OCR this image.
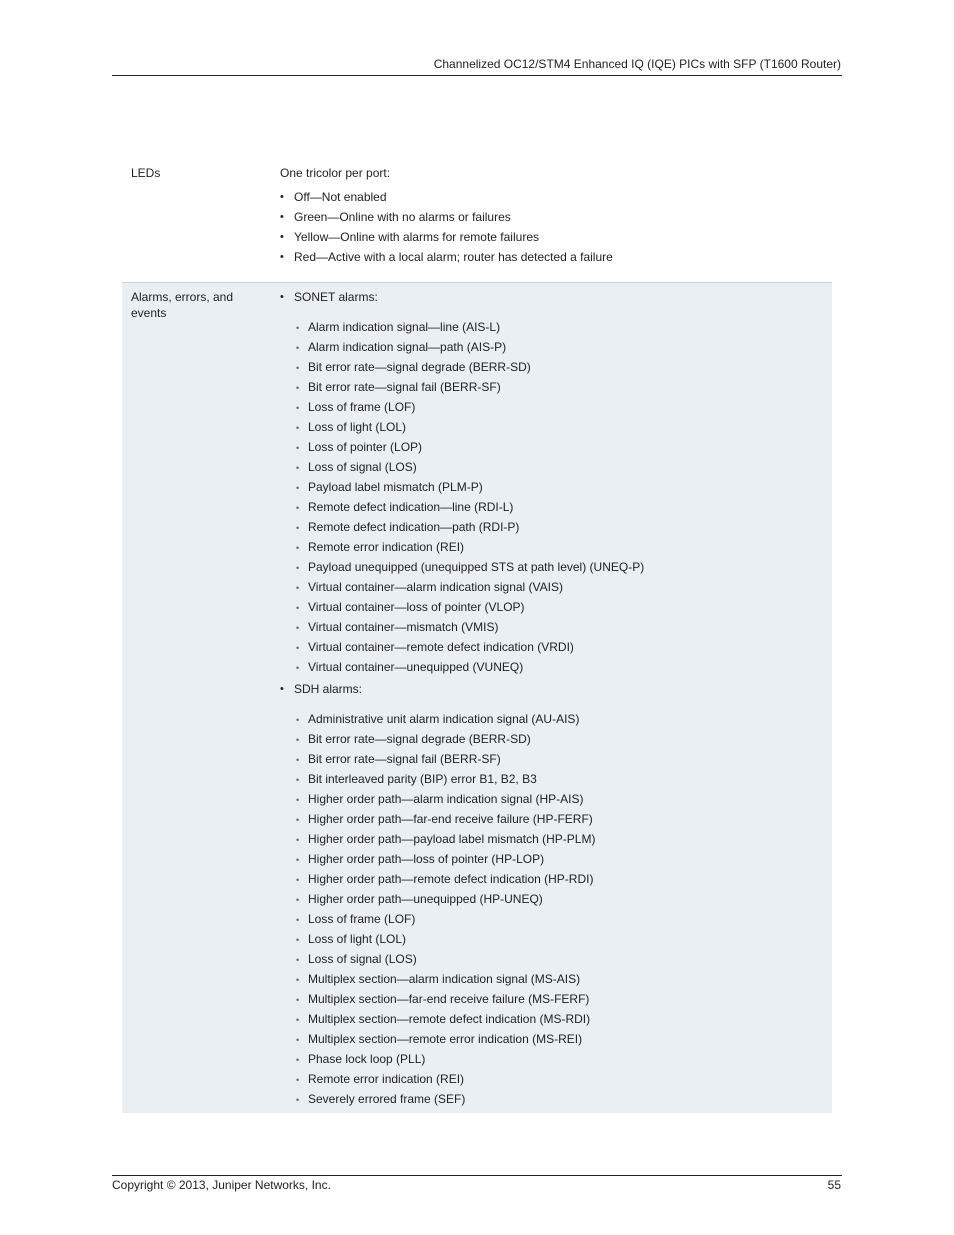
Channelized OC12/STM4 Enhanced IQ (IQE) PICs with SFP (T1600 Router)
LEDs	One tricolor per port:

• Off—Not enabled
• Green—Online with no alarms or failures
• Yellow—Online with alarms for remote failures
• Red—Active with a local alarm; router has detected a failure
Alarms, errors, and events
• SONET alarms:
• Alarm indication signal—line (AIS-L)
• Alarm indication signal—path (AIS-P)
• Bit error rate—signal degrade (BERR-SD)
• Bit error rate—signal fail (BERR-SF)
• Loss of frame (LOF)
• Loss of light (LOL)
• Loss of pointer (LOP)
• Loss of signal (LOS)
• Payload label mismatch (PLM-P)
• Remote defect indication—line (RDI-L)
• Remote defect indication—path (RDI-P)
• Remote error indication (REI)
• Payload unequipped (unequipped STS at path level) (UNEQ-P)
• Virtual container—alarm indication signal (VAIS)
• Virtual container—loss of pointer (VLOP)
• Virtual container—mismatch (VMIS)
• Virtual container—remote defect indication (VRDI)
• Virtual container—unequipped (VUNEQ)
• SDH alarms:
• Administrative unit alarm indication signal (AU-AIS)
• Bit error rate—signal degrade (BERR-SD)
• Bit error rate—signal fail (BERR-SF)
• Bit interleaved parity (BIP) error B1, B2, B3
• Higher order path—alarm indication signal (HP-AIS)
• Higher order path—far-end receive failure (HP-FERF)
• Higher order path—payload label mismatch (HP-PLM)
• Higher order path—loss of pointer (HP-LOP)
• Higher order path—remote defect indication (HP-RDI)
• Higher order path—unequipped (HP-UNEQ)
• Loss of frame (LOF)
• Loss of light (LOL)
• Loss of signal (LOS)
• Multiplex section—alarm indication signal (MS-AIS)
• Multiplex section—far-end receive failure (MS-FERF)
• Multiplex section—remote defect indication (MS-RDI)
• Multiplex section—remote error indication (MS-REI)
• Phase lock loop (PLL)
• Remote error indication (REI)
• Severely errored frame (SEF)
Copyright © 2013, Juniper Networks, Inc.	55
